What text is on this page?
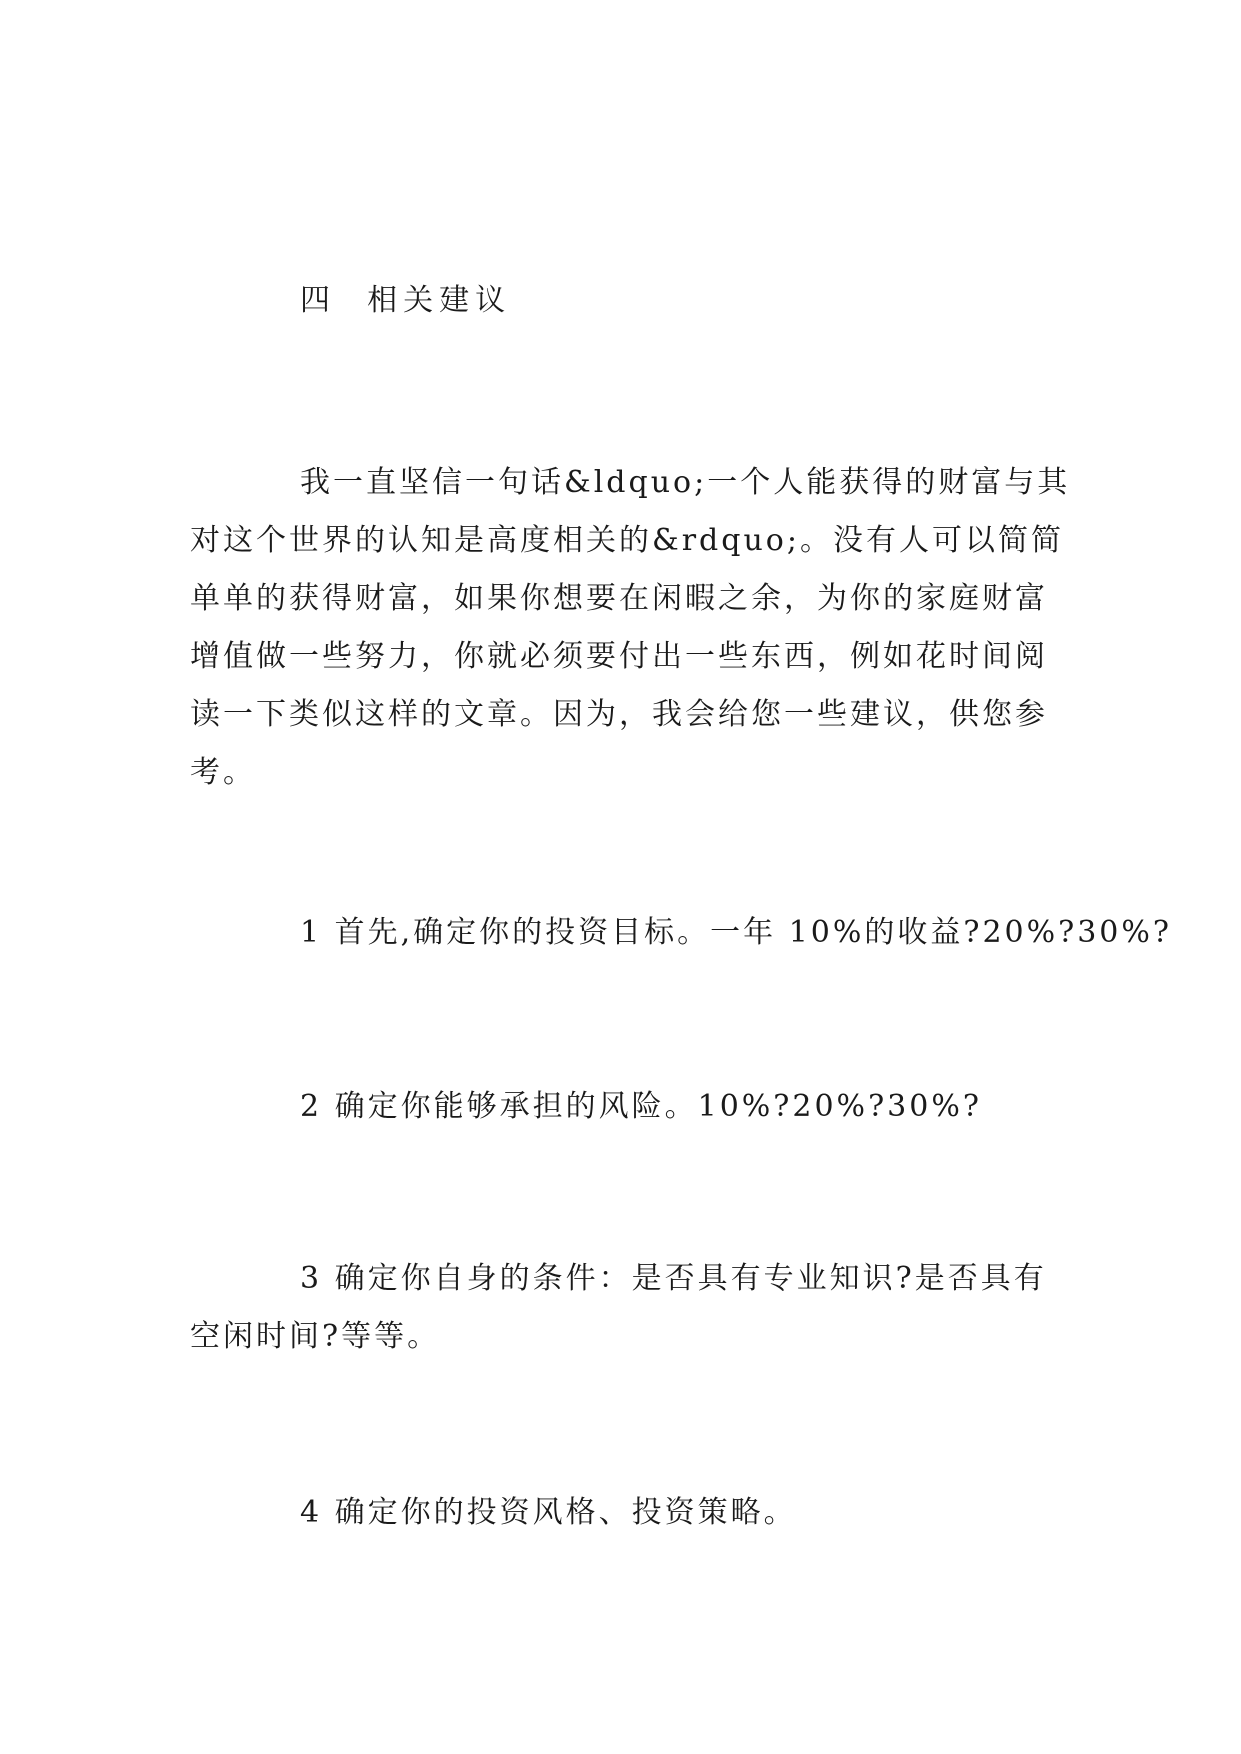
四  相关建议

我一直坚信一句话&ldquo;一个人能获得的财富与其
对这个世界的认知是高度相关的&rdquo;。没有人可以简简
单单的获得财富，如果你想要在闲暇之余，为你的家庭财富
增值做一些努力，你就必须要付出一些东西，例如花时间阅
读一下类似这样的文章。因为，我会给您一些建议，供您参
考。
1 首先,确定你的投资目标。一年 10%的收益?20%?30%?
2 确定你能够承担的风险。10%?20%?30%?
3 确定你自身的条件：是否具有专业知识?是否具有
空闲时间?等等。
4 确定你的投资风格、投资策略。
